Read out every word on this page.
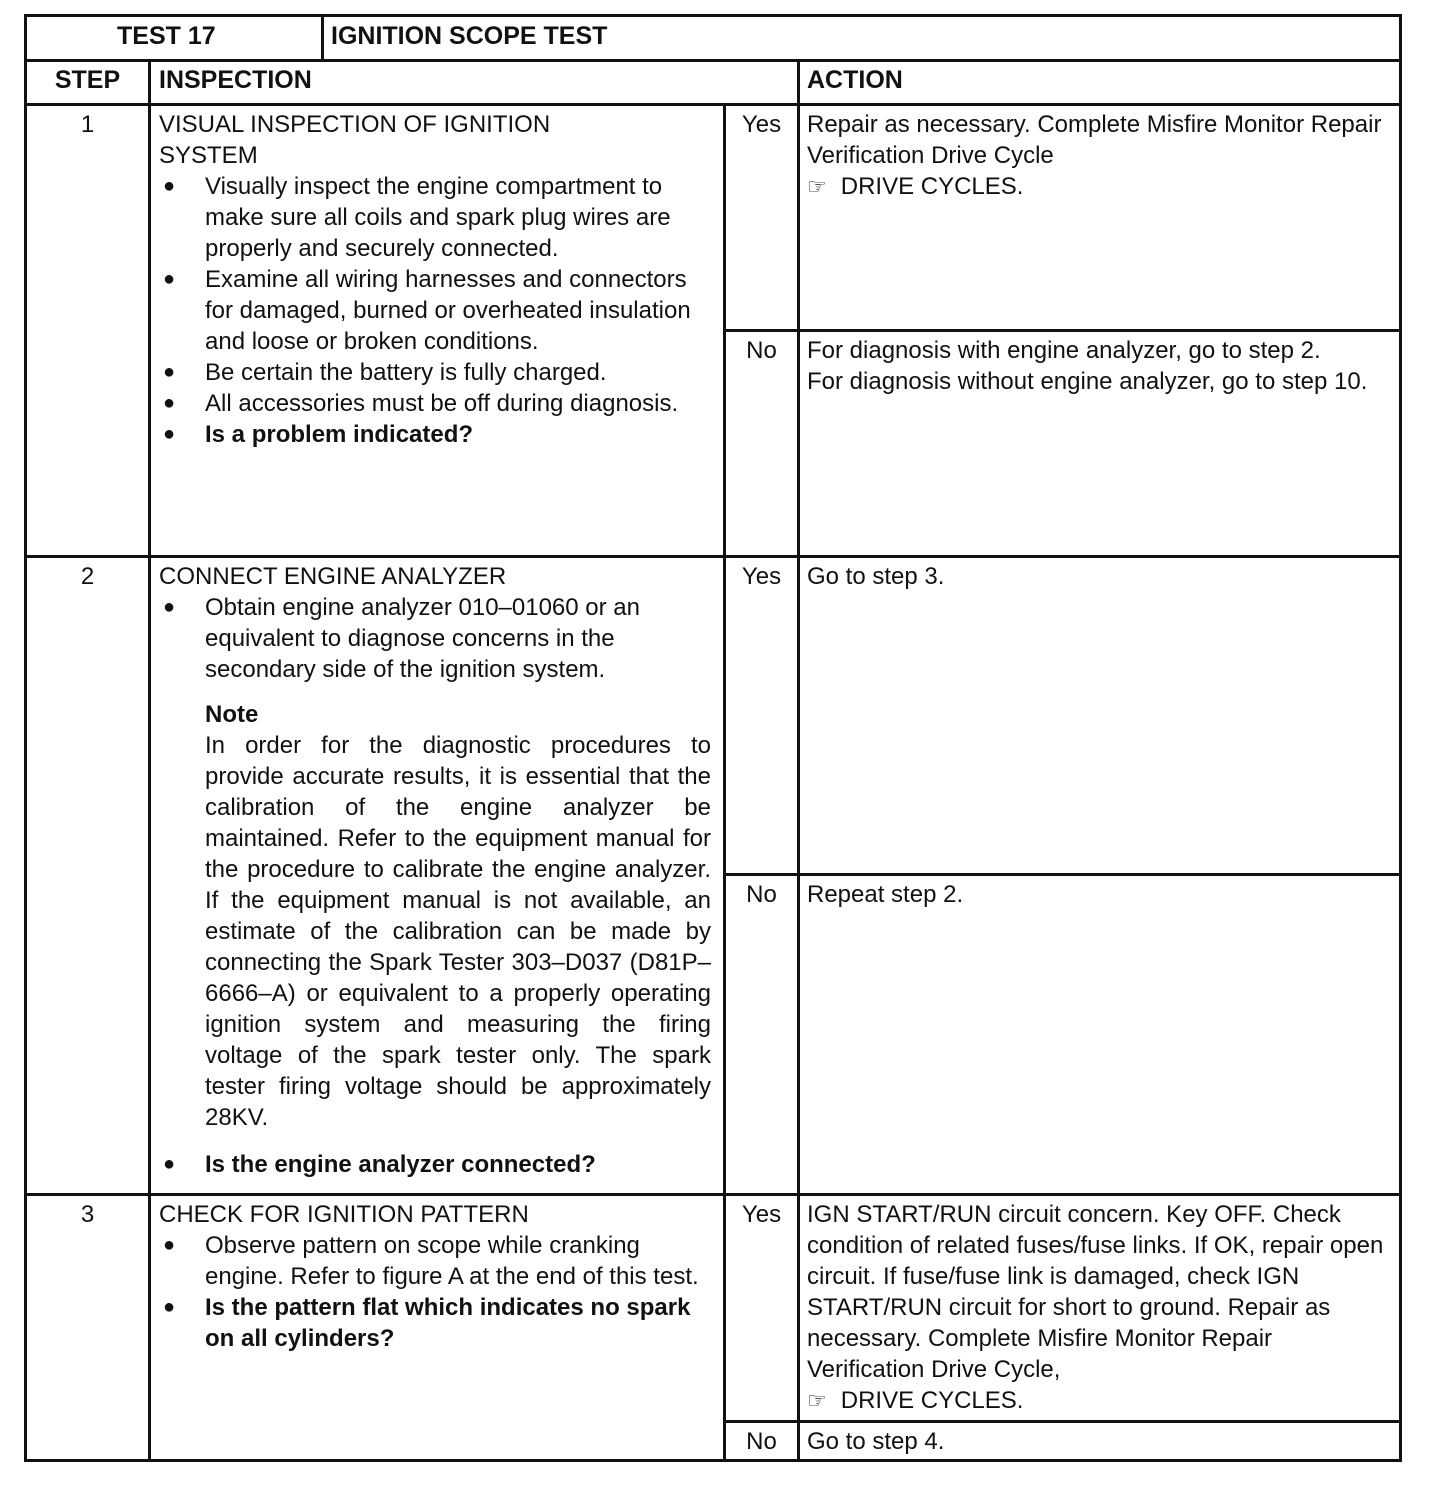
TEST 17	IGNITION SCOPE TEST
STEP	INSPECTION	ACTION
1	VISUAL INSPECTION OF IGNITION
SYSTEM
● Visually inspect the engine compartment to make sure all coils and spark plug wires are properly and securely connected.
● Examine all wiring harnesses and connectors for damaged, burned or overheated insulation and loose or broken conditions.
● Be certain the battery is fully charged.
● All accessories must be off during diagnosis.
● Is a problem indicated?
Yes	Repair as necessary. Complete Misfire Monitor Repair Verification Drive Cycle
☞ DRIVE CYCLES.
No	For diagnosis with engine analyzer, go to step 2.
For diagnosis without engine analyzer, go to step 10.
2	CONNECT ENGINE ANALYZER
● Obtain engine analyzer 010–01060 or an equivalent to diagnose concerns in the secondary side of the ignition system.
Note
In order for the diagnostic procedures to provide accurate results, it is essential that the calibration of the engine analyzer be maintained. Refer to the equipment manual for the procedure to calibrate the engine analyzer. If the equipment manual is not available, an estimate of the calibration can be made by connecting the Spark Tester 303–D037 (D81P–6666–A) or equivalent to a properly operating ignition system and measuring the firing voltage of the spark tester only. The spark tester firing voltage should be approximately 28KV.
● Is the engine analyzer connected?
Yes	Go to step 3.
No	Repeat step 2.
3	CHECK FOR IGNITION PATTERN
● Observe pattern on scope while cranking engine. Refer to figure A at the end of this test.
● Is the pattern flat which indicates no spark on all cylinders?
Yes	IGN START/RUN circuit concern. Key OFF. Check condition of related fuses/fuse links. If OK, repair open circuit. If fuse/fuse link is damaged, check IGN START/RUN circuit for short to ground. Repair as necessary. Complete Misfire Monitor Repair Verification Drive Cycle,
☞ DRIVE CYCLES.
No	Go to step 4.
